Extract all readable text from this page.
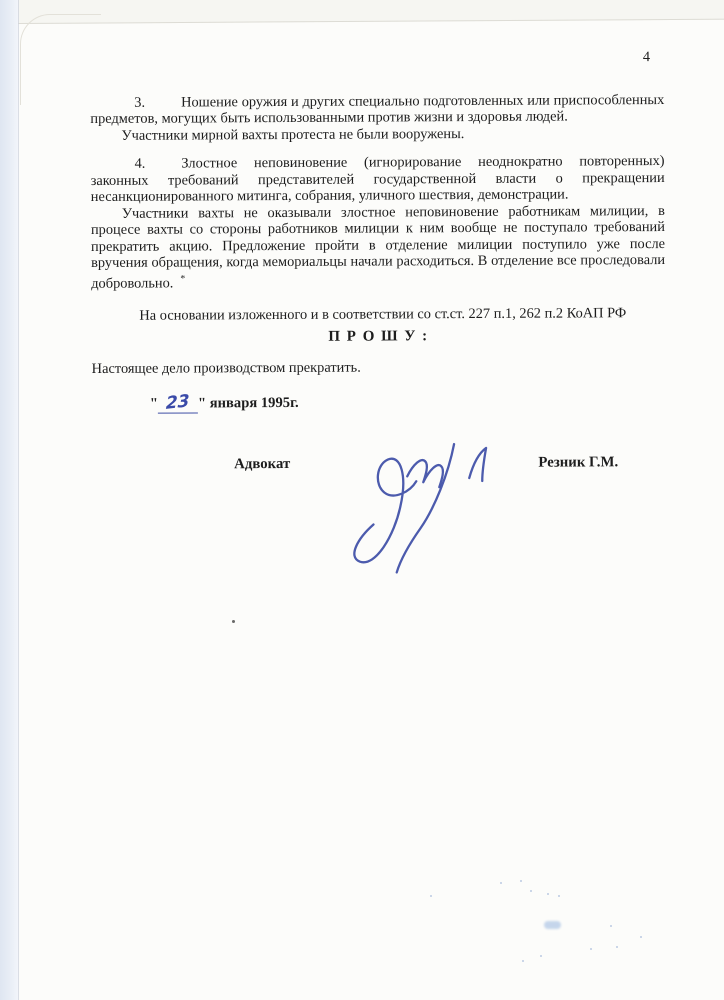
4

3. Ношение оружия и других специально подготовленных или приспособленных предметов, могущих быть использованными против жизни и здоровья людей.

Участники мирной вахты протеста не были вооружены.

4. Злостное неповиновение (игнорирование неоднократно повторенных) законных требований представителей государственной власти о прекращении несанкционированного митинга, собрания, уличного шествия, демонстрации.

Участники вахты не оказывали злостное неповиновение работникам милиции, в процесе вахты со стороны работников милиции к ним вообще не поступало требований прекратить акцию. Предложение пройти в отделение милиции поступило уже после вручения обращения, когда мемориальцы начали расходиться. В отделение все проследовали добровольно. *

На основании изложенного и в соответствии со ст.ст. 227 п.1, 262 п.2 КоАП РФ

П Р О Ш У :

Настоящее дело производством прекратить.

" 23 " января 1995г.

Адвокат	Резник Г.М.
